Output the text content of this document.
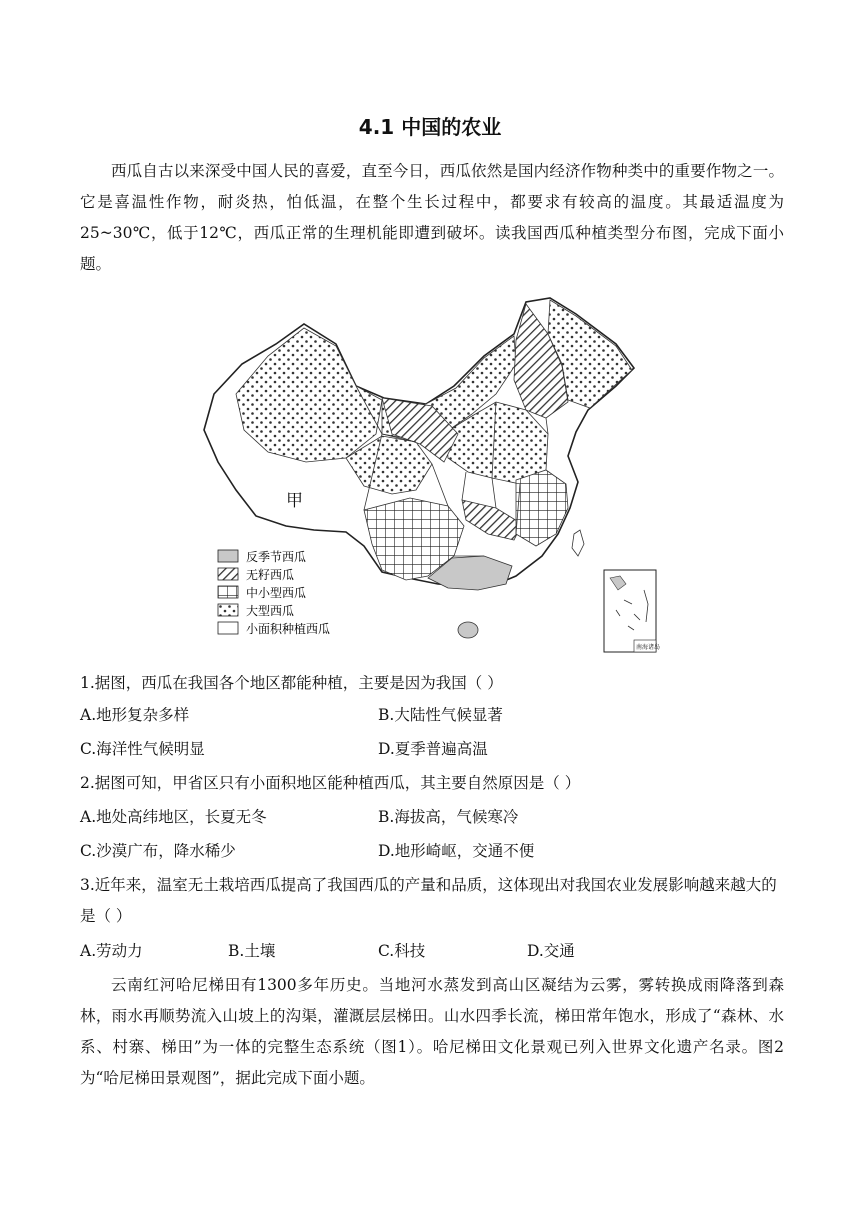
4.1 中国的农业
西瓜自古以来深受中国人民的喜爱，直至今日，西瓜依然是国内经济作物种类中的重要作物之一。它是喜温性作物，耐炎热，怕低温，在整个生长过程中，都要求有较高的温度。其最适温度为25~30℃，低于12℃，西瓜正常的生理机能即遭到破坏。读我国西瓜种植类型分布图，完成下面小题。
甲
反季节西瓜
无籽西瓜
中小型西瓜
大型西瓜
小面积种植西瓜
南海诸岛
1.据图，西瓜在我国各个地区都能种植，主要是因为我国（ ）
A.地形复杂多样	B.大陆性气候显著
C.海洋性气候明显	D.夏季普遍高温
2.据图可知，甲省区只有小面积地区能种植西瓜，其主要自然原因是（ ）
A.地处高纬地区，长夏无冬	B.海拔高，气候寒冷
C.沙漠广布，降水稀少	D.地形崎岖，交通不便
3.近年来，温室无土栽培西瓜提高了我国西瓜的产量和品质，这体现出对我国农业发展影响越来越大的是（ ）
A.劳动力	B.土壤	C.科技	D.交通
云南红河哈尼梯田有1300多年历史。当地河水蒸发到高山区凝结为云雾，雾转换成雨降落到森林，雨水再顺势流入山坡上的沟渠，灌溉层层梯田。山水四季长流，梯田常年饱水，形成了“森林、水系、村寨、梯田”为一体的完整生态系统（图1）。哈尼梯田文化景观已列入世界文化遗产名录。图2为“哈尼梯田景观图”，据此完成下面小题。
